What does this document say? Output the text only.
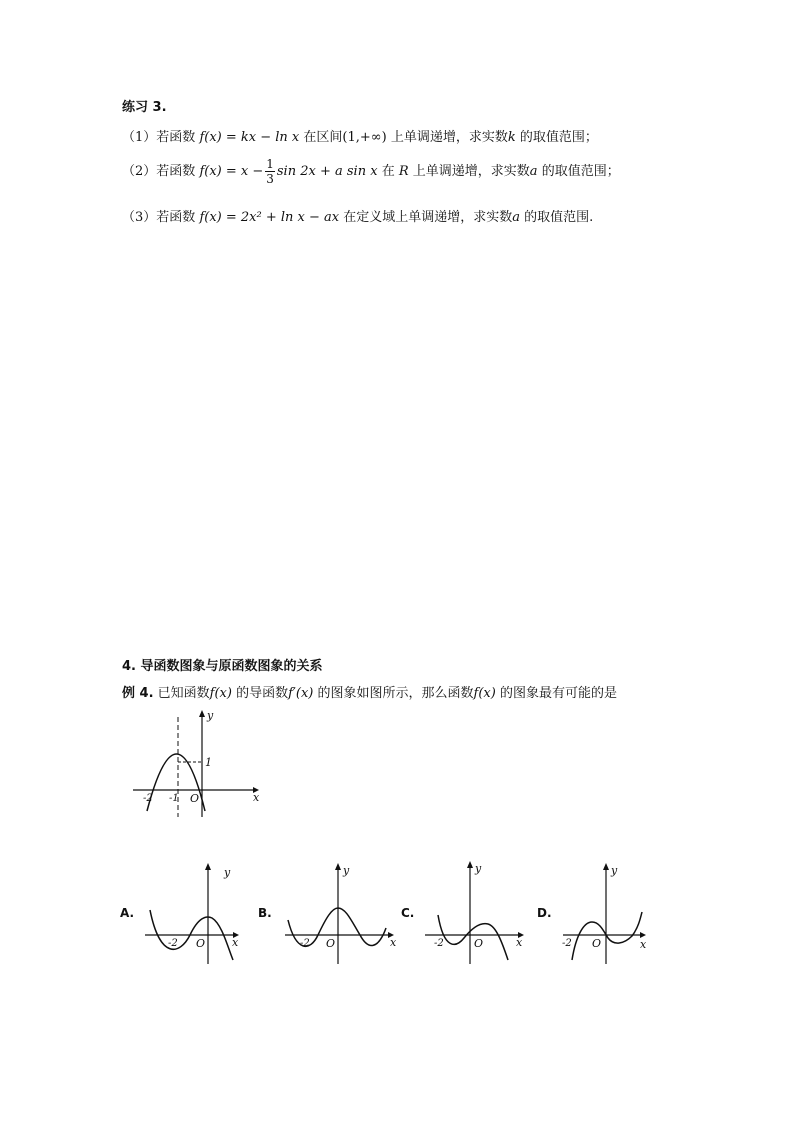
练习 3.
（1）若函数 f(x) = kx − ln x 在区间(1,+∞) 上单调递增，求实数k 的取值范围；
（2）若函数 $f(x) = x - \frac{1}{3}$ sin 2x + a sin x 在 R 上单调递增，求实数a 的取值范围；
（3）若函数 f(x) = 2x² + ln x − ax 在定义域上单调递增，求实数a 的取值范围.
4. 导函数图象与原函数图象的关系
例 4. 已知函数f(x) 的导函数f′(x) 的图象如图所示，那么函数f(x) 的图象最有可能的是
y
x
1
-2 -1 O
A.
y
x
-2 O
B.
y
x
-2 O
C.
y
x
-2	O
D.
y
x
-2 O
